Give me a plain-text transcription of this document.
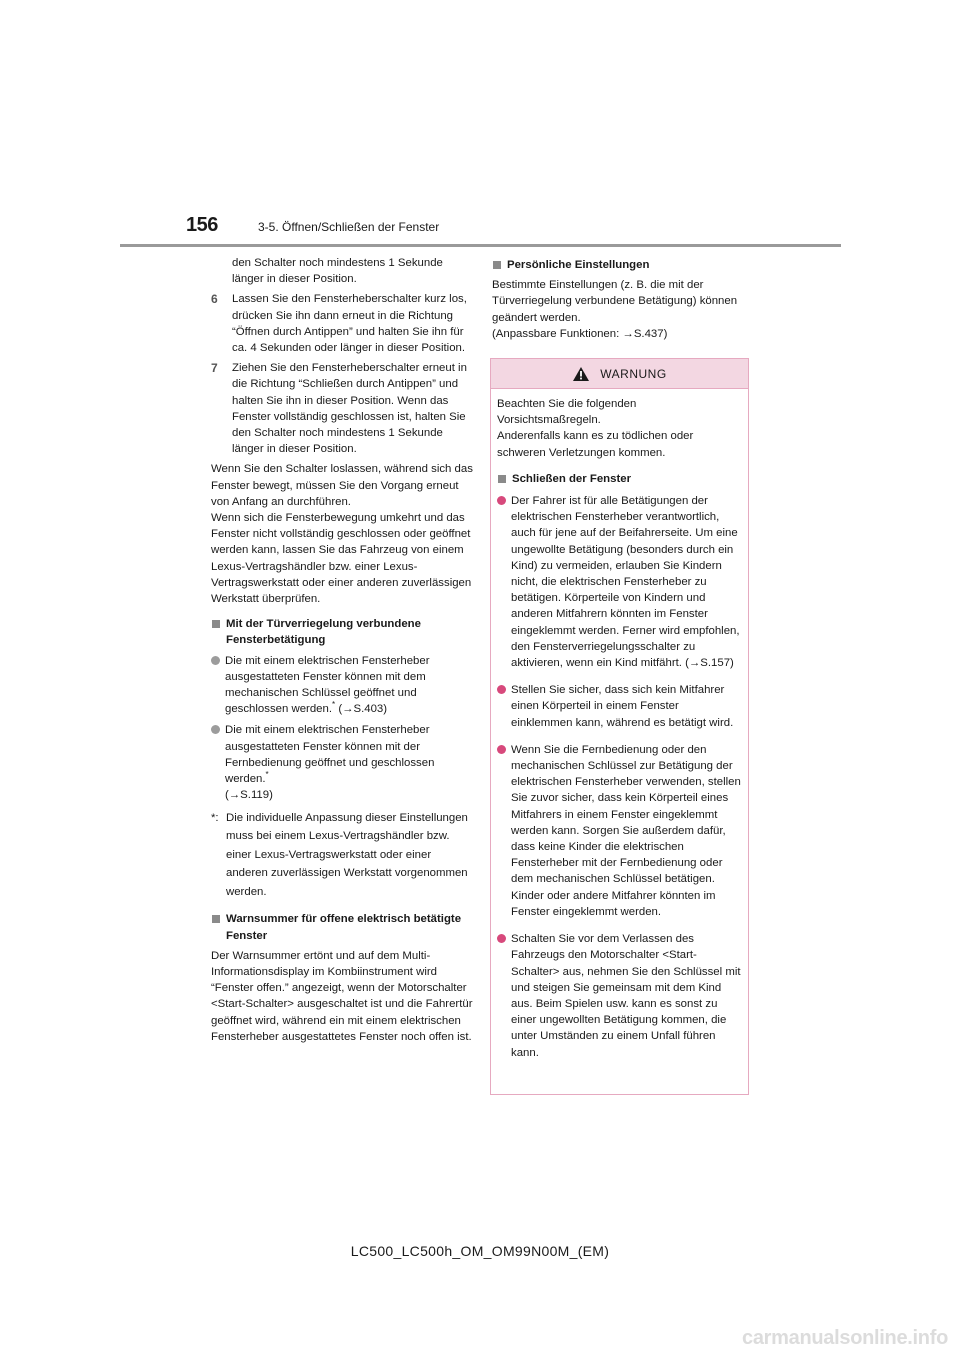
156	3-5. Öffnen/Schließen der Fenster
den Schalter noch mindestens 1 Sekunde länger in dieser Position.
6	Lassen Sie den Fensterheberschalter kurz los, drücken Sie ihn dann erneut in die Richtung “Öffnen durch Antippen” und halten Sie ihn für ca. 4 Sekunden oder länger in dieser Position.
7	Ziehen Sie den Fensterheberschalter erneut in die Richtung “Schließen durch Antippen” und halten Sie ihn in dieser Position. Wenn das Fenster vollständig geschlossen ist, halten Sie den Schalter noch mindestens 1 Sekunde länger in dieser Position.

Wenn Sie den Schalter loslassen, während sich das Fenster bewegt, müssen Sie den Vorgang erneut von Anfang an durchführen.

Wenn sich die Fensterbewegung umkehrt und das Fenster nicht vollständig geschlossen oder geöffnet werden kann, lassen Sie das Fahrzeug von einem Lexus-Vertragshändler bzw. einer Lexus-Vertragswerkstatt oder einer anderen zuverlässigen Werkstatt überprüfen.

Mit der Türverriegelung verbundene Fensterbetätigung
Die mit einem elektrischen Fensterheber ausgestatteten Fenster können mit dem mechanischen Schlüssel geöffnet und geschlossen werden.* (→S.403)
Die mit einem elektrischen Fensterheber ausgestatteten Fenster können mit der Fernbedienung geöffnet und geschlossen werden.*
(→S.119)
*: Die individuelle Anpassung dieser Einstellungen muss bei einem Lexus-Vertragshändler bzw. einer Lexus-Vertragswerkstatt oder einer anderen zuverlässigen Werkstatt vorgenommen werden.
Warnsummer für offene elektrisch betätigte Fenster

Der Warnsummer ertönt und auf dem Multi-Informationsdisplay im Kombiinstrument wird “Fenster offen.” angezeigt, wenn der Motorschalter <Start-Schalter> ausgeschaltet ist und die Fahrertür geöffnet wird, während ein mit einem elektrischen Fensterheber ausgestattetes Fenster noch offen ist.

Persönliche Einstellungen
Bestimmte Einstellungen (z. B. die mit der Türverriegelung verbundene Betätigung) können geändert werden.
(Anpassbare Funktionen: →S.437)
WARNUNG

Beachten Sie die folgenden Vorsichtsmaßregeln.
Anderenfalls kann es zu tödlichen oder schweren Verletzungen kommen.

Schließen der Fenster
Der Fahrer ist für alle Betätigungen der elektrischen Fensterheber verantwortlich, auch für jene auf der Beifahrerseite. Um eine ungewollte Betätigung (besonders durch ein Kind) zu vermeiden, erlauben Sie Kindern nicht, die elektrischen Fensterheber zu betätigen. Körperteile von Kindern und anderen Mitfahrern könnten im Fenster eingeklemmt werden. Ferner wird empfohlen, den Fensterverriegelungsschalter zu aktivieren, wenn ein Kind mitfährt. (→S.157)
Stellen Sie sicher, dass sich kein Mitfahrer einen Körperteil in einem Fenster einklemmen kann, während es betätigt wird.
Wenn Sie die Fernbedienung oder den mechanischen Schlüssel zur Betätigung der elektrischen Fensterheber verwenden, stellen Sie zuvor sicher, dass kein Körperteil eines Mitfahrers in einem Fenster eingeklemmt werden kann. Sorgen Sie außerdem dafür, dass keine Kinder die elektrischen Fensterheber mit der Fernbedienung oder dem mechanischen Schlüssel betätigen. Kinder oder andere Mitfahrer könnten im Fenster eingeklemmt werden.
Schalten Sie vor dem Verlassen des Fahrzeugs den Motorschalter <Start-Schalter> aus, nehmen Sie den Schlüssel mit und steigen Sie gemeinsam mit dem Kind aus. Beim Spielen usw. kann es sonst zu einer ungewollten Betätigung kommen, die unter Umständen zu einem Unfall führen kann.
LC500_LC500h_OM_OM99N00M_(EM)
carmanualsonline.info
